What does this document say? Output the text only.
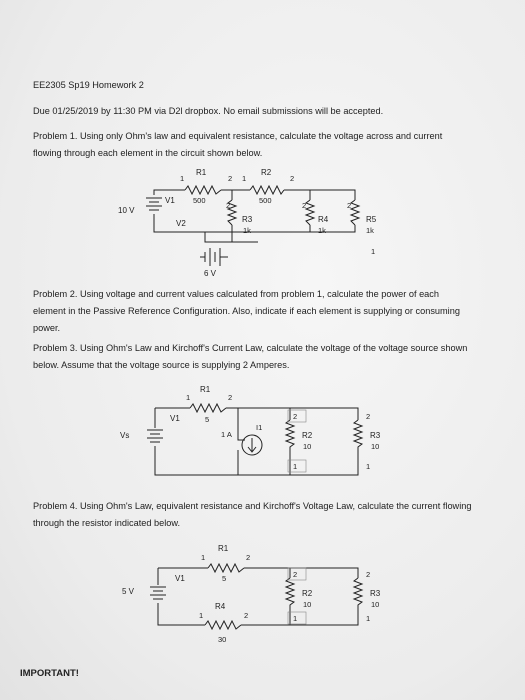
EE2305 Sp19 Homework 2
Due 01/25/2019 by 11:30 PM via D2l dropbox. No email submissions will be accepted.
Problem 1. Using only Ohm's law and equivalent resistance, calculate the voltage across and current flowing through each element in the circuit shown below.
R1
1	2
500
R2
1	2
500
V1
10 V
2
R3
1k
V2
6 V
2
R4
1k
2
R5
1k
1
Problem 2. Using voltage and current values calculated from problem 1, calculate the power of each element in the Passive Reference Configuration. Also, indicate if each element is supplying or consuming power.
Problem 3. Using Ohm's Law and Kirchoff's Current Law, calculate the voltage of the voltage source shown below. Assume that the voltage source is supplying 2 Amperes.
R1
1	2
5
V1
Vs
I1
1 A
2
R2
10
1
2
R3
10
1
Problem 4. Using Ohm's Law, equivalent resistance and Kirchoff's Voltage Law, calculate the current flowing through the resistor indicated below.
R1
1	2
5
V1
5 V
2
R2
10
1
2
R3
10
1
R4
1	2
30
IMPORTANT!
